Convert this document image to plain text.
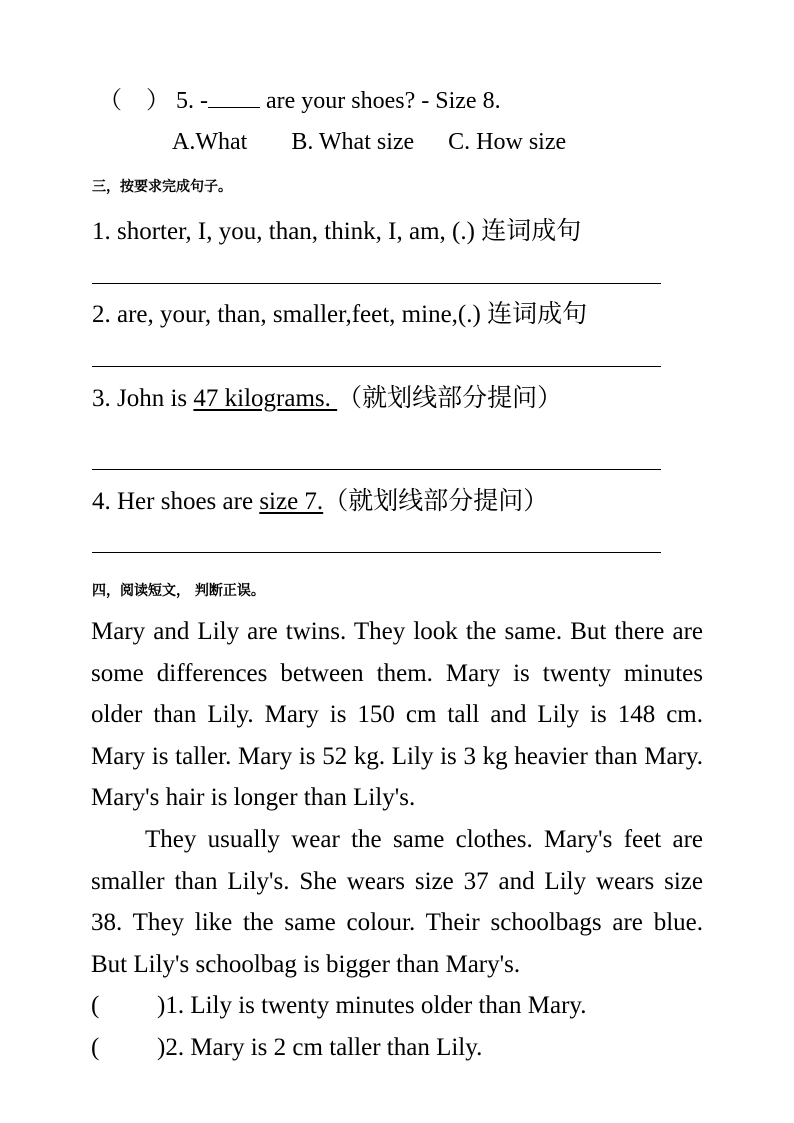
（　） 5. - are your shoes? - Size 8.
A.What B. What size C. How size
三，按要求完成句子。
1. shorter, I, you, than, think, I, am, (.) 连词成句
2. are, your, than, smaller,feet, mine,(.) 连词成句
3. John is 47 kilograms. （就划线部分提问）
4. Her shoes are size 7.（就划线部分提问）
四，阅读短文， 判断正误。

Mary and Lily are twins. They look the same. But there are some differences between them. Mary is twenty minutes older than Lily. Mary is 150 cm tall and Lily is 148 cm. Mary is taller. Mary is 52 kg. Lily is 3 kg heavier than Mary. Mary's hair is longer than Lily's.

They usually wear the same clothes. Mary's feet are smaller than Lily's. She wears size 37 and Lily wears size 38. They like the same colour. Their schoolbags are blue. But Lily's schoolbag is bigger than Mary's.

( )1. Lily is twenty minutes older than Mary.
( )2. Mary is 2 cm taller than Lily.
